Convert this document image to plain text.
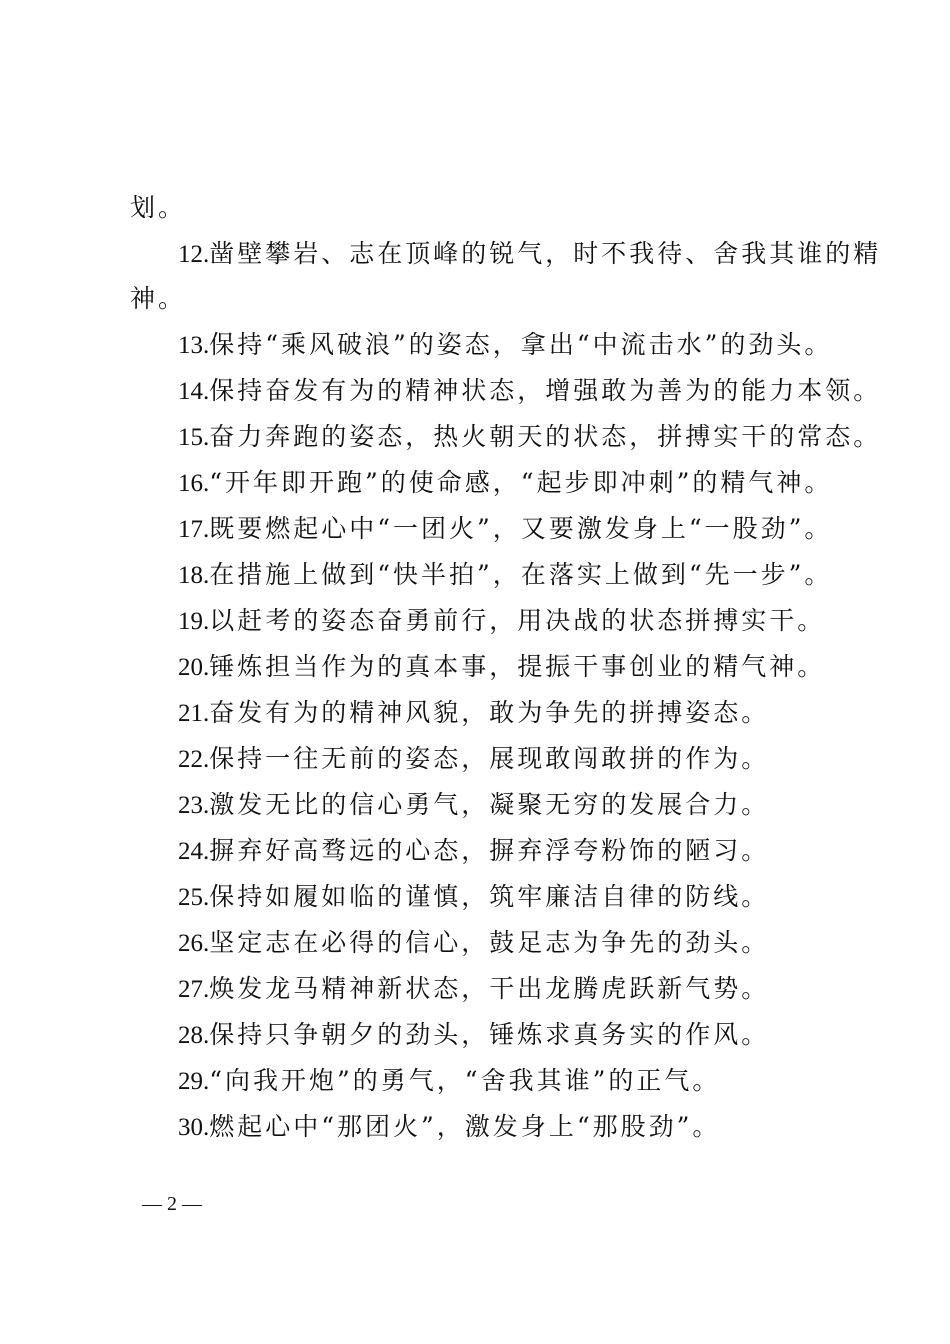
划。
12.凿壁攀岩、志在顶峰的锐气，时不我待、舍我其谁的精
神。
13.保持“乘风破浪”的姿态，拿出“中流击水”的劲头。
14.保持奋发有为的精神状态，增强敢为善为的能力本领。
15.奋力奔跑的姿态，热火朝天的状态，拼搏实干的常态。
16.“开年即开跑”的使命感，“起步即冲刺”的精气神。
17.既要燃起心中“一团火”，又要激发身上“一股劲”。
18.在措施上做到“快半拍”，在落实上做到“先一步”。
19.以赶考的姿态奋勇前行，用决战的状态拼搏实干。
20.锤炼担当作为的真本事，提振干事创业的精气神。
21.奋发有为的精神风貌，敢为争先的拼搏姿态。
22.保持一往无前的姿态，展现敢闯敢拼的作为。
23.激发无比的信心勇气，凝聚无穷的发展合力。
24.摒弃好高骛远的心态，摒弃浮夸粉饰的陋习。
25.保持如履如临的谨慎，筑牢廉洁自律的防线。
26.坚定志在必得的信心，鼓足志为争先的劲头。
27.焕发龙马精神新状态，干出龙腾虎跃新气势。
28.保持只争朝夕的劲头，锤炼求真务实的作风。
29.“向我开炮”的勇气，“舍我其谁”的正气。
30.燃起心中“那团火”，激发身上“那股劲”。
— 2 —
